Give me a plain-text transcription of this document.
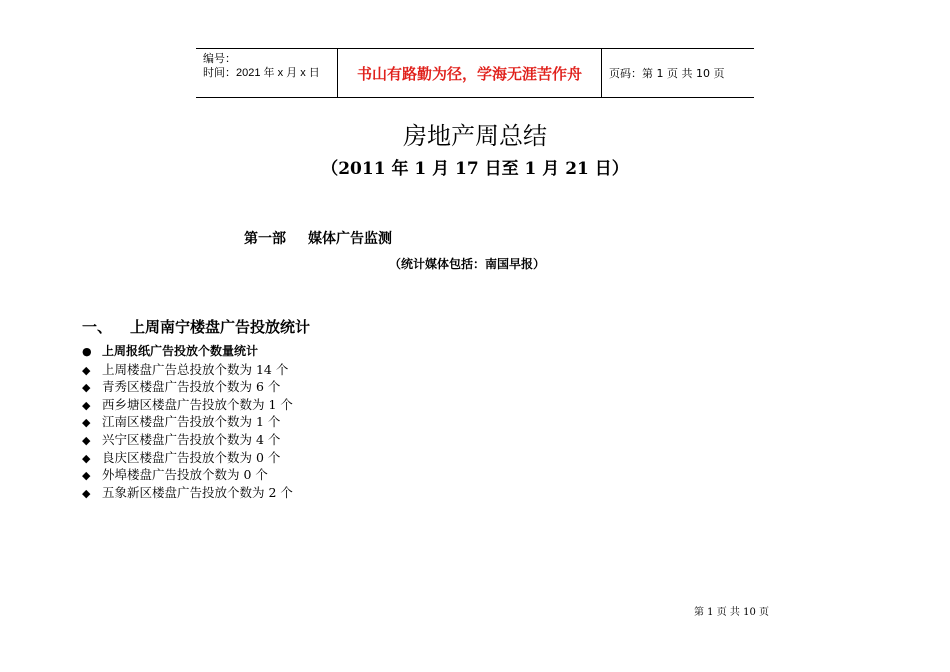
编号：
时间：2021 年 x 月 x 日	书山有路勤为径，学海无涯苦作舟 页码：第 1 页 共 10 页
房地产周总结
（2011 年 1 月 17 日至 1 月 21 日）
第一部 媒体广告监测
（统计媒体包括：南国早报）
一、 上周南宁楼盘广告投放统计
● 上周报纸广告投放个数量统计
◆ 上周楼盘广告总投放个数为 14 个
◆ 青秀区楼盘广告投放个数为 6 个
◆ 西乡塘区楼盘广告投放个数为 1 个
◆ 江南区楼盘广告投放个数为 1 个
◆ 兴宁区楼盘广告投放个数为 4 个
◆ 良庆区楼盘广告投放个数为 0 个
◆ 外埠楼盘广告投放个数为 0 个
◆ 五象新区楼盘广告投放个数为 2 个
第 1 页 共 10 页
